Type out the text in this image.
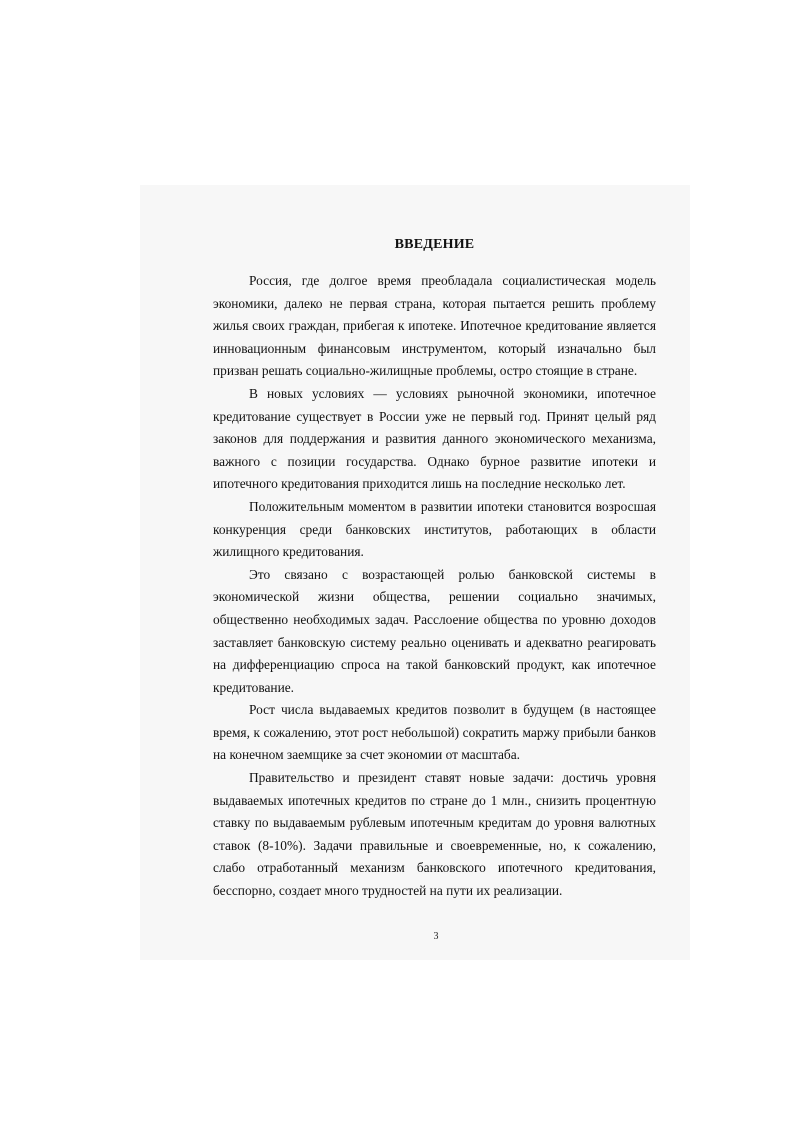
ВВЕДЕНИЕ

Россия, где долгое время преобладала социалистическая модель экономики, далеко не первая страна, которая пытается решить проблему жилья своих граждан, прибегая к ипотеке. Ипотечное кредитование является инновационным финансовым инструментом, который изначально был призван решать социально-жилищные проблемы, остро стоящие в стране.

В новых условиях — условиях рыночной экономики, ипотечное кредитование существует в России уже не первый год. Принят целый ряд законов для поддержания и развития данного экономического механизма, важного с позиции государства. Однако бурное развитие ипотеки и ипотечного кредитования приходится лишь на последние несколько лет.

Положительным моментом в развитии ипотеки становится возросшая конкуренция среди банковских институтов, работающих в области жилищного кредитования.

Это связано с возрастающей ролью банковской системы в экономической жизни общества, решении социально значимых, общественно необходимых задач. Расслоение общества по уровню доходов заставляет банковскую систему реально оценивать и адекватно реагировать на дифференциацию спроса на такой банковский продукт, как ипотечное кредитование.

Рост числа выдаваемых кредитов позволит в будущем (в настоящее время, к сожалению, этот рост небольшой) сократить маржу прибыли банков на конечном заемщике за счет экономии от масштаба.

Правительство и президент ставят новые задачи: достичь уровня выдаваемых ипотечных кредитов по стране до 1 млн., снизить процентную ставку по выдаваемым рублевым ипотечным кредитам до уровня валютных ставок (8-10%). Задачи правильные и своевременные, но, к сожалению, слабо отработанный механизм банковского ипотечного кредитования, бесспорно, создает много трудностей на пути их реализации.

3
